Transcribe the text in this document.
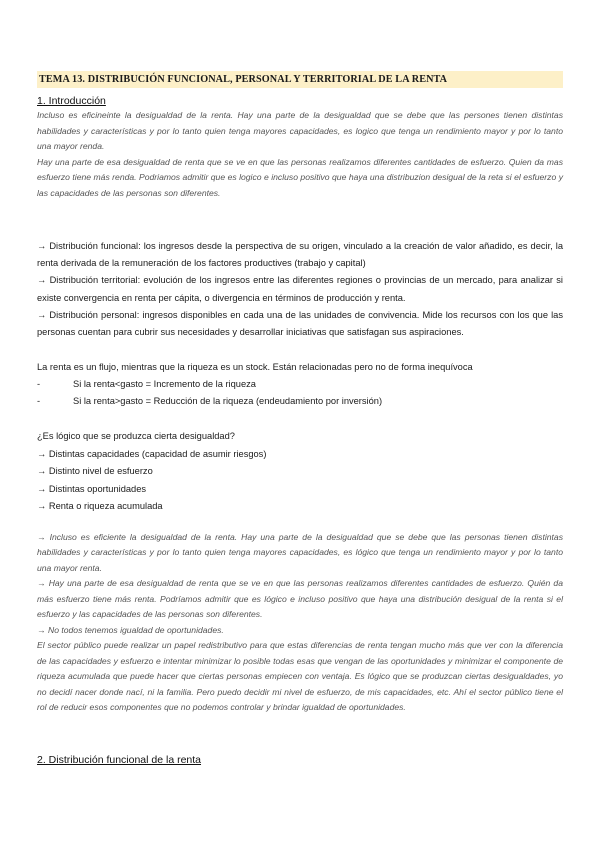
TEMA 13. DISTRIBUCIÓN FUNCIONAL, PERSONAL Y TERRITORIAL DE LA RENTA
1. Introducción

Incluso es eficineinte la desigualdad de la renta. Hay una parte de la desigualdad que se debe que las persones tienen distintas habilidades y características y por lo tanto quien tenga mayores capacidades, es logico que tenga un rendimiento mayor y por lo tanto una mayor renda.

Hay una parte de esa desigualdad de renta que se ve en que las personas realizamos diferentes cantidades de esfuerzo. Quien da mas esfuerzo tiene más renda. Podriamos admitir que es logico e incluso positivo que haya una distribuzion desigual de la reta si el esfuerzo y las capacidades de las personas son diferentes.

→ Distribución funcional: los ingresos desde la perspectiva de su origen, vinculado a la creación de valor añadido, es decir, la renta derivada de la remuneración de los factores productives (trabajo y capital)

→ Distribución territorial: evolución de los ingresos entre las diferentes regiones o provincias de un mercado, para analizar si existe convergencia en renta per cápita, o divergencia en términos de producción y renta.

→ Distribución personal: ingresos disponibles en cada una de las unidades de convivencia. Mide los recursos con los que las personas cuentan para cubrir sus necesidades y desarrollar iniciativas que satisfagan sus aspiraciones.

La renta es un flujo, mientras que la riqueza es un stock. Están relacionadas pero no de forma inequívoca

-	Si la renta<gasto = Incremento de la riqueza
-	Si la renta>gasto = Reducción de la riqueza (endeudamiento por inversión)

¿Es lógico que se produzca cierta desigualdad?

→ Distintas capacidades (capacidad de asumir riesgos)

→ Distinto nivel de esfuerzo

→ Distintas oportunidades

→ Renta o riqueza acumulada

→ Incluso es eficiente la desigualdad de la renta. Hay una parte de la desigualdad que se debe que las personas tienen distintas habilidades y características y por lo tanto quien tenga mayores capacidades, es lógico que tenga un rendimiento mayor y por lo tanto una mayor renta.

→ Hay una parte de esa desigualdad de renta que se ve en que las personas realizamos diferentes cantidades de esfuerzo. Quién da más esfuerzo tiene más renta. Podríamos admitir que es lógico e incluso positivo que haya una distribución desigual de la renta si el esfuerzo y las capacidades de las personas son diferentes.

→ No todos tenemos igualdad de oportunidades.

El sector público puede realizar un papel redistributivo para que estas diferencias de renta tengan mucho más que ver con la diferencia de las capacidades y esfuerzo e intentar minimizar lo posible todas esas que vengan de las oportunidades y minimizar el componente de riqueza acumulada que puede hacer que ciertas personas empiecen con ventaja. Es lógico que se produzcan ciertas desigualdades, yo no decidí nacer donde nací, ni la familia. Pero puedo decidir mi nivel de esfuerzo, de mis capacidades, etc. Ahí el sector público tiene el rol de reducir esos componentes que no podemos controlar y brindar igualdad de oportunidades.

2. Distribución funcional de la renta
